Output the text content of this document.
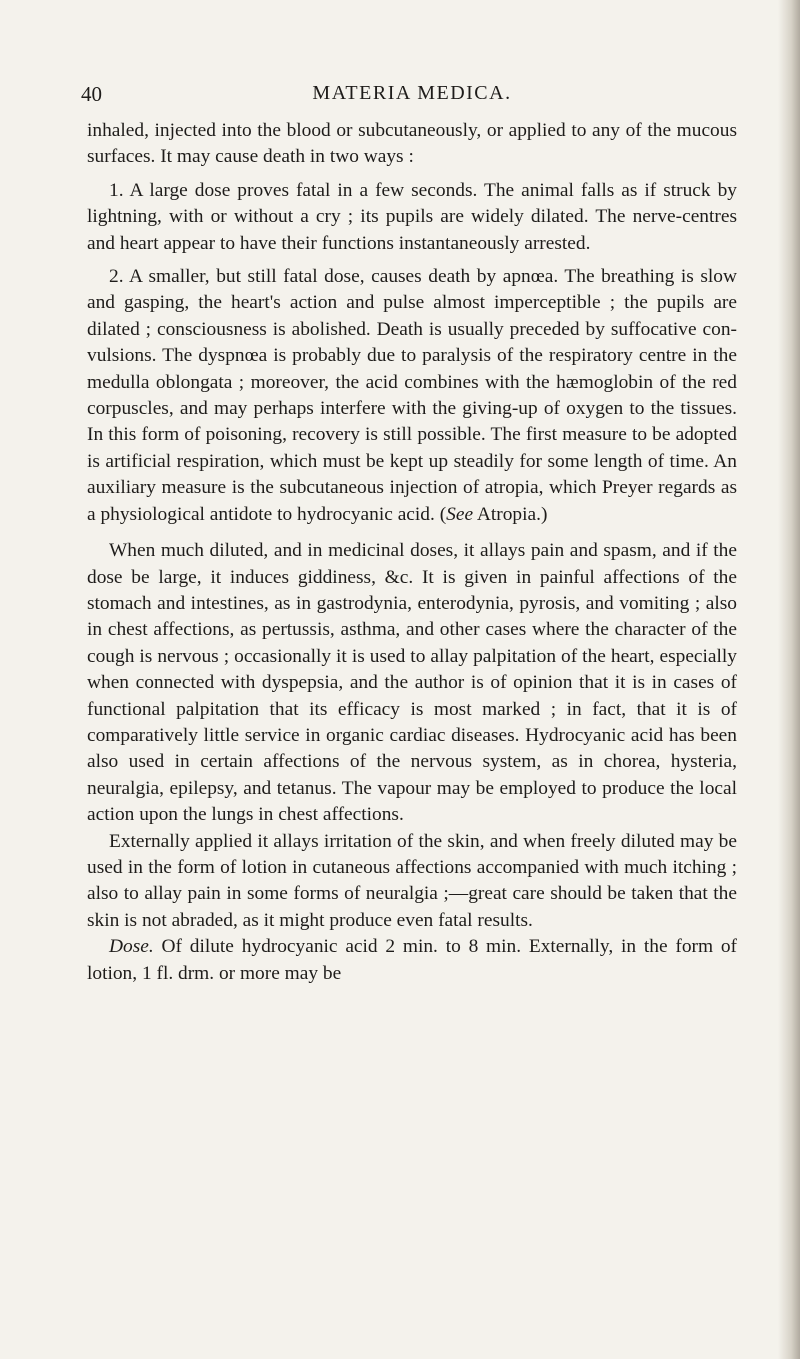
40	MATERIA MEDICA.

inhaled, injected into the blood or subcutaneously, or applied to any of the mucous surfaces. It may cause death in two ways :

1. A large dose proves fatal in a few seconds. The animal falls as if struck by lightning, with or without a cry ; its pupils are widely dilated. The nerve-centres and heart appear to have their functions instantaneously arrested.

2. A smaller, but still fatal dose, causes death by apnœa. The breathing is slow and gasping, the heart's action and pulse almost imperceptible ; the pupils are dilated ; consciousness is abolished. Death is usually preceded by suffocative convulsions. The dyspnœa is probably due to paralysis of the respiratory centre in the medulla oblongata ; moreover, the acid combines with the hæmoglobin of the red corpuscles, and may perhaps interfere with the giving-up of oxygen to the tissues. In this form of poisoning, recovery is still possible. The first measure to be adopted is artificial respiration, which must be kept up steadily for some length of time. An auxiliary measure is the subcutaneous injection of atropia, which Preyer regards as a physiological antidote to hydrocyanic acid. (See Atropia.)

When much diluted, and in medicinal doses, it allays pain and spasm, and if the dose be large, it induces giddiness, &c. It is given in painful affections of the stomach and intestines, as in gastrodynia, enterodynia, pyrosis, and vomiting ; also in chest affections, as pertussis, asthma, and other cases where the character of the cough is nervous ; occasionally it is used to allay palpitation of the heart, especially when connected with dyspepsia, and the author is of opinion that it is in cases of functional palpitation that its efficacy is most marked ; in fact, that it is of comparatively little service in organic cardiac diseases. Hydrocyanic acid has been also used in certain affections of the nervous system, as in chorea, hysteria, neuralgia, epilepsy, and tetanus. The vapour may be employed to produce the local action upon the lungs in chest affections.

Externally applied it allays irritation of the skin, and when freely diluted may be used in the form of lotion in cutaneous affections accompanied with much itching ; also to allay pain in some forms of neuralgia ;—great care should be taken that the skin is not abraded, as it might produce even fatal results.

Dose. Of dilute hydrocyanic acid 2 min. to 8 min. Externally, in the form of lotion, 1 fl. drm. or more may be
